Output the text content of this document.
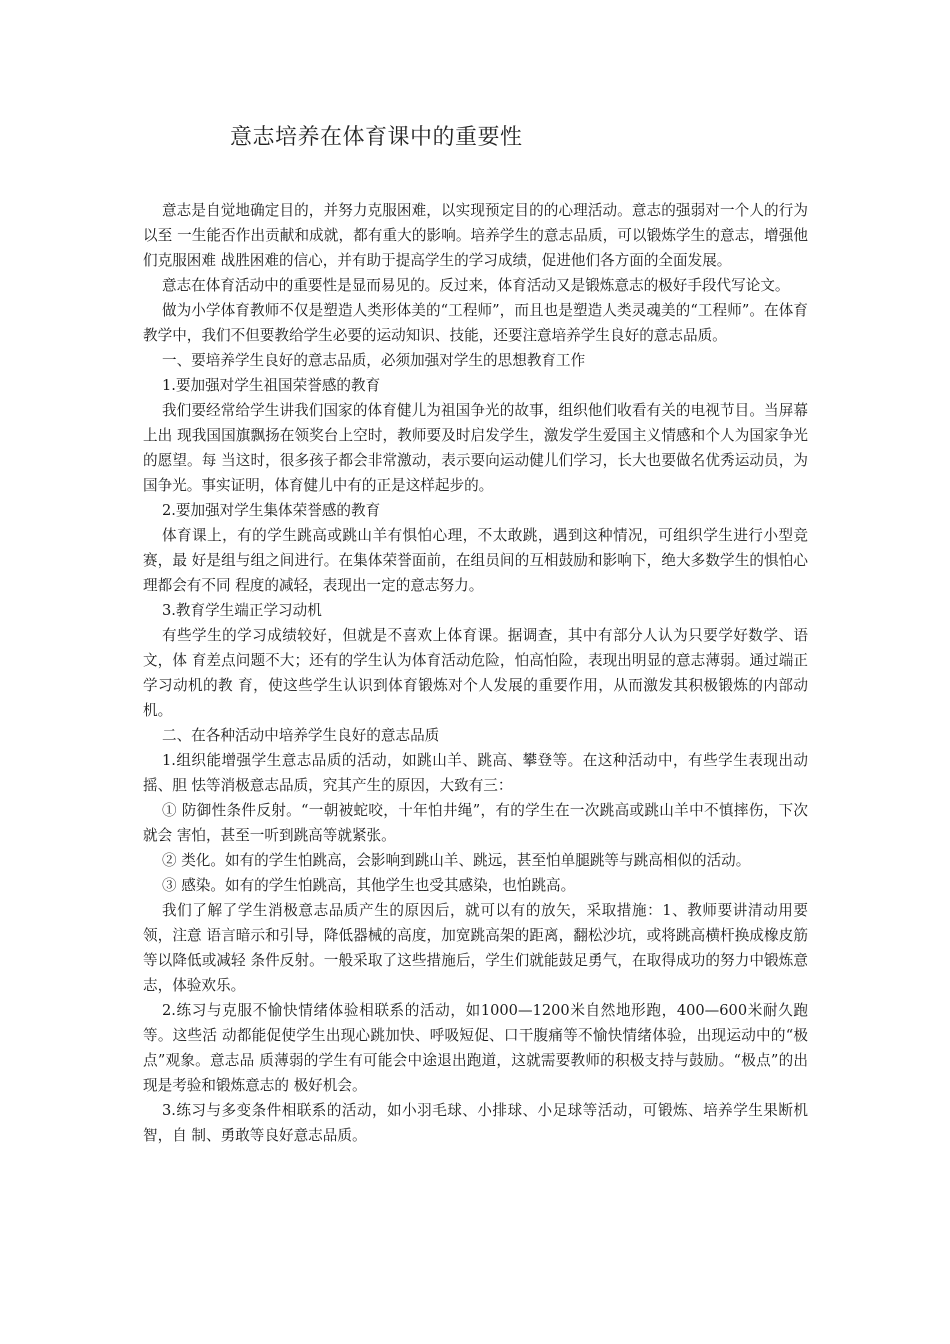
意志培养在体育课中的重要性

意志是自觉地确定目的，并努力克服困难，以实现预定目的的心理活动。意志的强弱对一个人的行为以至 一生能否作出贡献和成就，都有重大的影响。培养学生的意志品质，可以锻炼学生的意志，增强他们克服困难 战胜困难的信心，并有助于提高学生的学习成绩，促进他们各方面的全面发展。

意志在体育活动中的重要性是显而易见的。反过来，体育活动又是锻炼意志的极好手段代写论文。

做为小学体育教师不仅是塑造人类形体美的“工程师”，而且也是塑造人类灵魂美的“工程师”。在体育 教学中，我们不但要教给学生必要的运动知识、技能，还要注意培养学生良好的意志品质。

一、要培养学生良好的意志品质，必须加强对学生的思想教育工作

1.要加强对学生祖国荣誉感的教育

我们要经常给学生讲我们国家的体育健儿为祖国争光的故事，组织他们收看有关的电视节目。当屏幕上出 现我国国旗飘扬在领奖台上空时，教师要及时启发学生，激发学生爱国主义情感和个人为国家争光的愿望。每 当这时，很多孩子都会非常激动，表示要向运动健儿们学习，长大也要做名优秀运动员，为国争光。事实证明，体育健儿中有的正是这样起步的。

2.要加强对学生集体荣誉感的教育

体育课上，有的学生跳高或跳山羊有惧怕心理，不太敢跳，遇到这种情况，可组织学生进行小型竞赛，最 好是组与组之间进行。在集体荣誉面前，在组员间的互相鼓励和影响下，绝大多数学生的惧怕心理都会有不同 程度的减轻，表现出一定的意志努力。

3.教育学生端正学习动机

有些学生的学习成绩较好，但就是不喜欢上体育课。据调查，其中有部分人认为只要学好数学、语文，体 育差点问题不大；还有的学生认为体育活动危险，怕高怕险，表现出明显的意志薄弱。通过端正学习动机的教 育，使这些学生认识到体育锻炼对个人发展的重要作用，从而激发其积极锻炼的内部动机。

二、在各种活动中培养学生良好的意志品质

1.组织能增强学生意志品质的活动，如跳山羊、跳高、攀登等。在这种活动中，有些学生表现出动摇、胆 怯等消极意志品质，究其产生的原因，大致有三：

① 防御性条件反射。“一朝被蛇咬，十年怕井绳”，有的学生在一次跳高或跳山羊中不慎摔伤，下次就会 害怕，甚至一听到跳高等就紧张。

② 类化。如有的学生怕跳高，会影响到跳山羊、跳远，甚至怕单腿跳等与跳高相似的活动。

③ 感染。如有的学生怕跳高，其他学生也受其感染，也怕跳高。

我们了解了学生消极意志品质产生的原因后，就可以有的放矢，采取措施：1、教师要讲清动用要领，注意 语言暗示和引导，降低器械的高度，加宽跳高架的距离，翻松沙坑，或将跳高横杆换成橡皮筋等以降低或减轻 条件反射。一般采取了这些措施后，学生们就能鼓足勇气，在取得成功的努力中锻炼意志，体验欢乐。

2.练习与克服不愉快情绪体验相联系的活动，如1000—1200米自然地形跑，400—600米耐久跑等。这些活 动都能促使学生出现心跳加快、呼吸短促、口干腹痛等不愉快情绪体验，出现运动中的“极点”观象。意志品 质薄弱的学生有可能会中途退出跑道，这就需要教师的积极支持与鼓励。“极点”的出现是考验和锻炼意志的 极好机会。

3.练习与多变条件相联系的活动，如小羽毛球、小排球、小足球等活动，可锻炼、培养学生果断机智，自 制、勇敢等良好意志品质。
